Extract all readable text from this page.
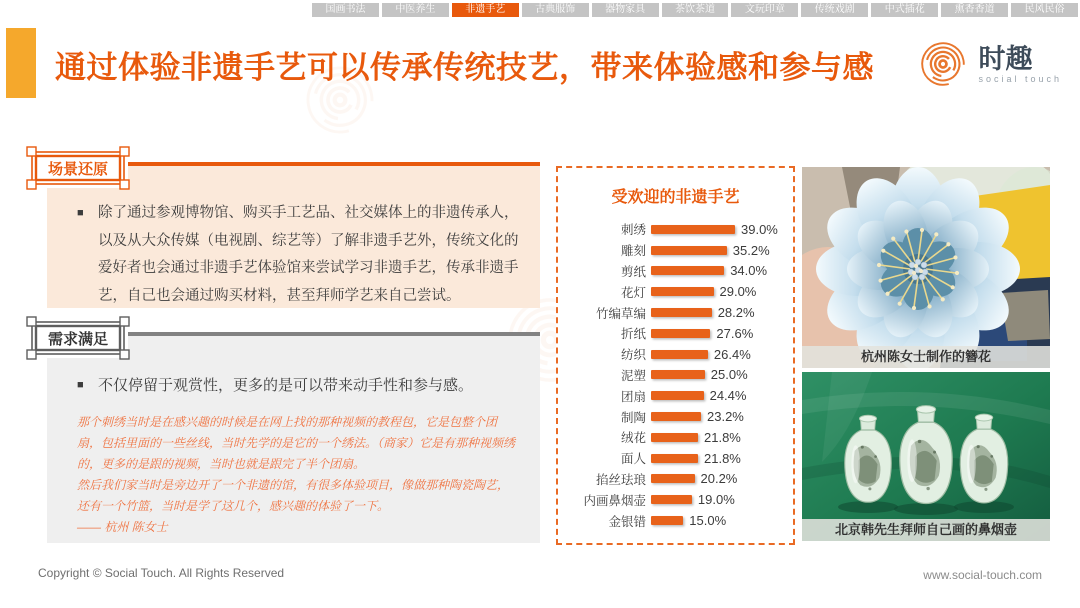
国画书法	中医养生	非遗手艺	古典服饰	器物家具	茶饮茶道	文玩印章	传统戏剧	中式插花	熏香香道	民风民俗
通过体验非遗手艺可以传承传统技艺，带来体验感和参与感	时趣
social touch
■ 除了通过参观博物馆、购买手工艺品、社交媒体上的非遗传承人，以及从大众传媒（电视剧、综艺等）了解非遗手艺外，传统文化的爱好者也会通过非遗手艺体验馆来尝试学习非遗手艺，传承非遗手艺，自己也会通过购买材料，甚至拜师学艺来自己尝试。
场景还原
■ 不仅停留于观赏性，更多的是可以带来动手性和参与感。

那个刺绣当时是在感兴趣的时候是在网上找的那种视频的教程包，它是包整个团扇，包括里面的一些丝线，当时先学的是它的一个绣法。（商家）它是有那种视频绣的，更多的是跟的视频，当时也就是跟完了半个团扇。

然后我们家当时是旁边开了一个非遗的馆，有很多体验项目，像做那种陶瓷陶艺，还有一个竹篮，当时是学了这几个，感兴趣的体验了一下。

—— 杭州 陈女士

需求满足
受欢迎的非遗手艺
刺绣	39.0%
雕刻	35.2%
剪纸	34.0%
花灯	29.0%
竹编草编	28.2%
折纸	27.6%
纺织	26.4%
泥塑	25.0%
团扇	24.4%
制陶	23.2%
绒花	21.8%
面人	21.8%
掐丝珐琅	20.2%
内画鼻烟壶	19.0%
金银错	15.0%
杭州陈女士制作的簪花
北京韩先生拜师自己画的鼻烟壶
Copyright © Social Touch. All Rights Reserved	www.social-touch.com
